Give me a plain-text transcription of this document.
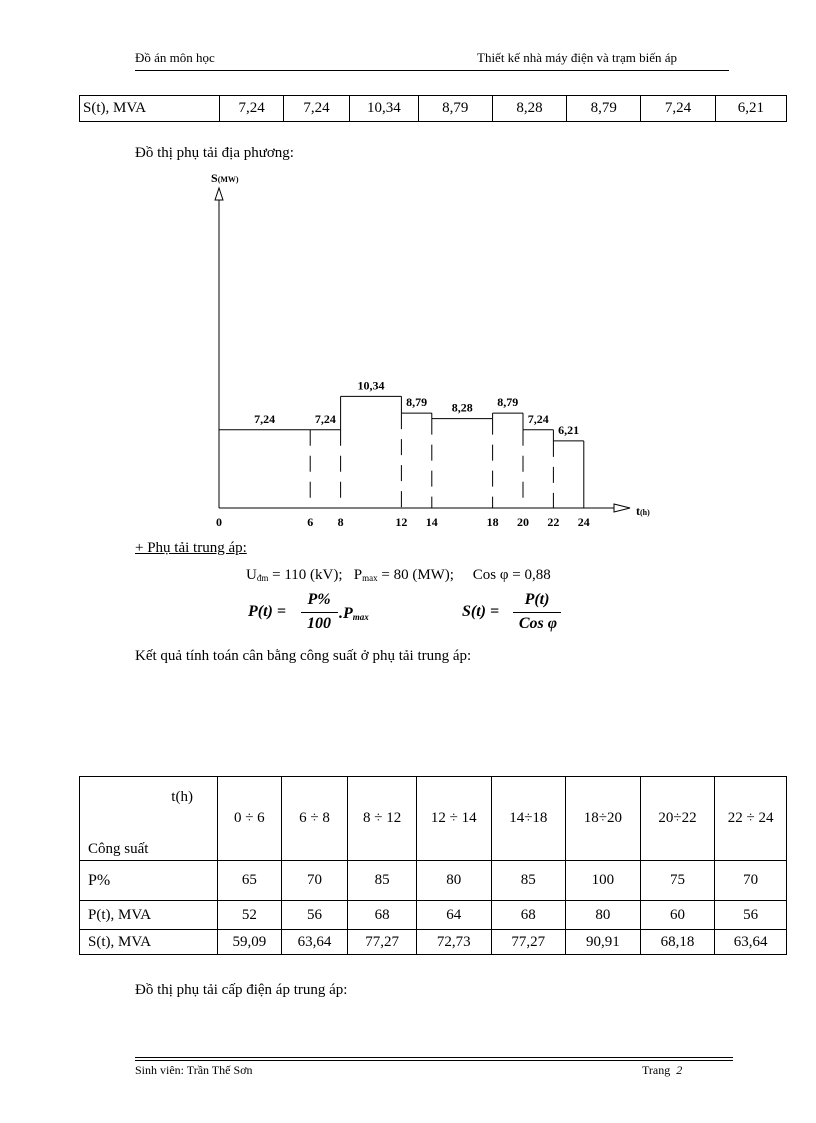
Đồ án môn học	Thiết kế nhà máy điện và trạm biến áp
S(t), MVA	7,24	7,24	10,34	8,79	8,28	8,79	7,24	6,21
Đồ thị phụ tải địa phương:
S(MW)
t(h)
7,24	7,24
10,34
8,79 8,28 8,79
7,24
6,21
0	6 8	12 14	18 20 22 24
+ Phụ tải trung áp:
$U_{đm} = 110$ (kV); $P_{max} = 80$ (MW); Cos φ = 0,88
P(t) =
P%
100
$.P_{max}$	S(t) =
P(t)
Cos φ
Kết quả tính toán cân bằng công suất ở phụ tải trung áp:
t(h)
Công suất	0 ÷ 6	6 ÷ 8	8 ÷ 12	12 ÷ 14	14÷18	18÷20	20÷22	22 ÷ 24
P%	65	70	85	80	85	100	75	70
P(t), MVA	52	56	68	64	68	80	60	56
S(t), MVA	59,09	63,64	77,27	72,73	77,27	90,91	68,18	63,64
Đồ thị phụ tải cấp điện áp trung áp:
Sinh viên: Trần Thế Sơn	Trang 2
